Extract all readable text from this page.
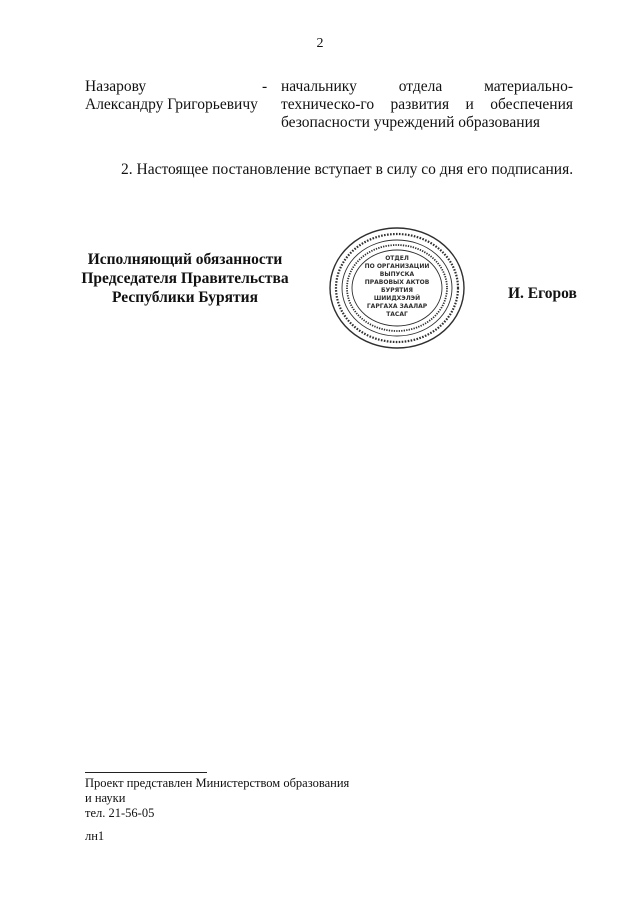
2
Назарову
Александру Григорьевичу
- начальнику отдела материально-техническо-го развития и обеспечения безопасности учреждений образования
2. Настоящее постановление вступает в силу со дня его подписания.
Исполняющий обязанности
Председателя Правительства
Республики Бурятия
ОТДЕЛ
ПО ОРГАНИЗАЦИИ
ВЫПУСКА
ПРАВОВЫХ АКТОВ
БУРЯТИЯ
ШИИДХЭЛЭЙ
ГАРГАХА ЗААЛАР
ТАСАГ
И. Егоров
Проект представлен Министерством образования
и науки
тел. 21-56-05
лн1
